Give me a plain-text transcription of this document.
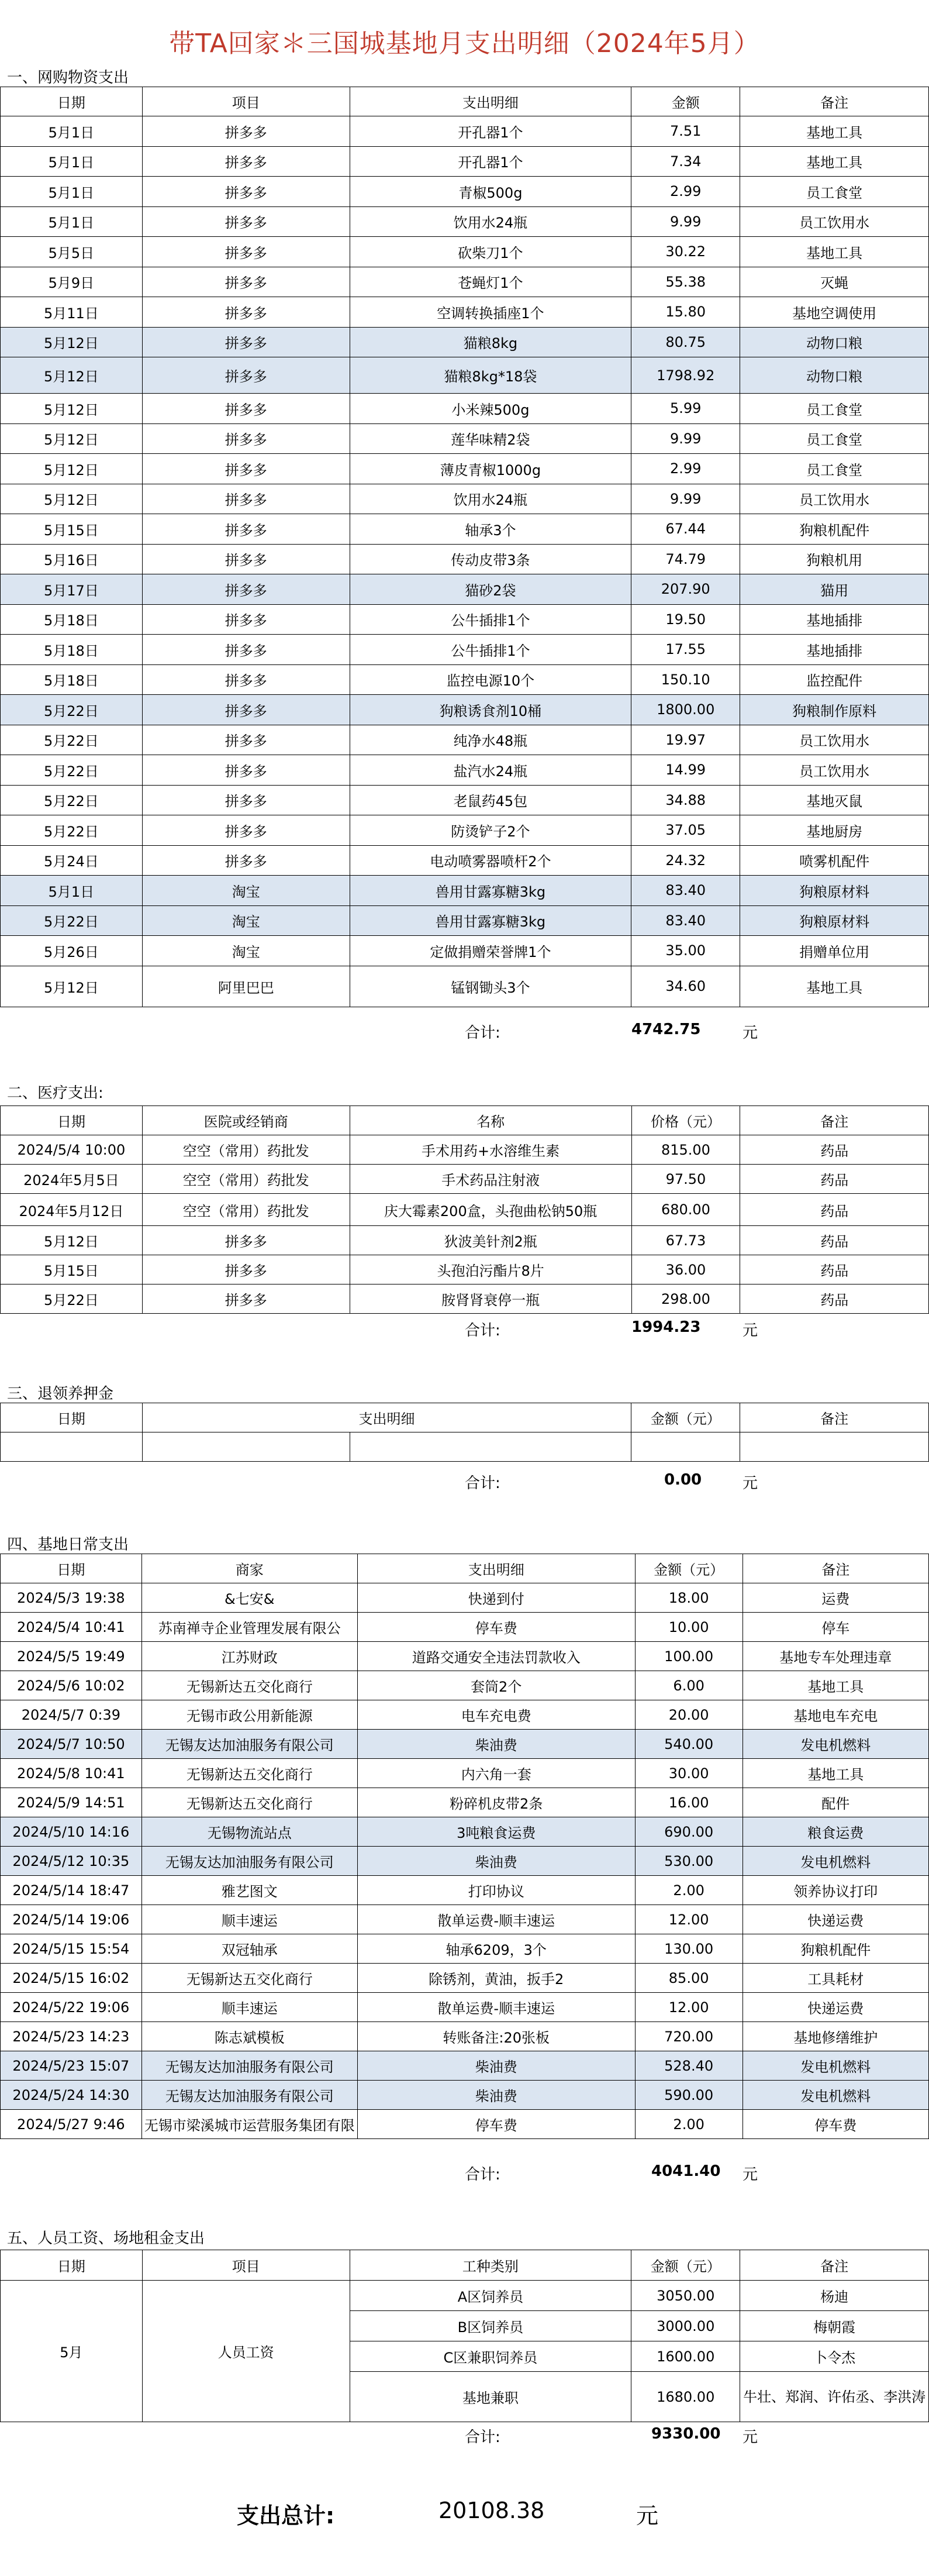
带TA回家＊三国城基地月支出明细（2024年5月）
一、网购物资支出
日期	项目	支出明细	金额	备注
5月1日	拼多多	开孔器1个	7.51	基地工具
5月1日	拼多多	开孔器1个	7.34	基地工具
5月1日	拼多多	青椒500g	2.99	员工食堂
5月1日	拼多多	饮用水24瓶	9.99	员工饮用水
5月5日	拼多多	砍柴刀1个	30.22	基地工具
5月9日	拼多多	苍蝇灯1个	55.38	灭蝇
5月11日	拼多多	空调转换插座1个	15.80	基地空调使用
5月12日	拼多多	猫粮8kg	80.75	动物口粮
5月12日	拼多多	猫粮8kg*18袋	1798.92	动物口粮
5月12日	拼多多	小米辣500g	5.99	员工食堂
5月12日	拼多多	莲华味精2袋	9.99	员工食堂
5月12日	拼多多	薄皮青椒1000g	2.99	员工食堂
5月12日	拼多多	饮用水24瓶	9.99	员工饮用水
5月15日	拼多多	轴承3个	67.44	狗粮机配件
5月16日	拼多多	传动皮带3条	74.79	狗粮机用
5月17日	拼多多	猫砂2袋	207.90	猫用
5月18日	拼多多	公牛插排1个	19.50	基地插排
5月18日	拼多多	公牛插排1个	17.55	基地插排
5月18日	拼多多	监控电源10个	150.10	监控配件
5月22日	拼多多	狗粮诱食剂10桶	1800.00	狗粮制作原料
5月22日	拼多多	纯净水48瓶	19.97	员工饮用水
5月22日	拼多多	盐汽水24瓶	14.99	员工饮用水
5月22日	拼多多	老鼠药45包	34.88	基地灭鼠
5月22日	拼多多	防烫铲子2个	37.05	基地厨房
5月24日	拼多多	电动喷雾器喷杆2个	24.32	喷雾机配件
5月1日	淘宝	兽用甘露寡糖3kg	83.40	狗粮原材料
5月22日	淘宝	兽用甘露寡糖3kg	83.40	狗粮原材料
5月26日	淘宝	定做捐赠荣誉牌1个	35.00	捐赠单位用
5月12日	阿里巴巴	锰钢锄头3个	34.60	基地工具
合计:	4742.75	元
二、医疗支出:
日期	医院或经销商	名称	价格（元）	备注
2024/5/4 10:00	空空（常用）药批发	手术用药+水溶维生素	815.00	药品
2024年5月5日	空空（常用）药批发	手术药品注射液	97.50	药品
2024年5月12日	空空（常用）药批发	庆大霉素200盒，头孢曲松钠50瓶	680.00	药品
5月12日	拼多多	狄波美针剂2瓶	67.73	药品
5月15日	拼多多	头孢泊污酯片8片	36.00	药品
5月22日	拼多多	胺肾肾衰停一瓶	298.00	药品
合计:	1994.23	元
三、退领养押金
日期	支出明细		金额（元）	备注

合计:	0.00	元
四、基地日常支出
日期	商家	支出明细	金额（元）	备注
2024/5/3 19:38	&七安&	快递到付	18.00	运费
2024/5/4 10:41	苏南禅寺企业管理发展有限公	停车费	10.00	停车
2024/5/5 19:49	江苏财政	道路交通安全违法罚款收入	100.00	基地专车处理违章
2024/5/6 10:02	无锡新达五交化商行	套筒2个	6.00	基地工具
2024/5/7 0:39	无锡市政公用新能源	电车充电费	20.00	基地电车充电
2024/5/7 10:50	无锡友达加油服务有限公司	柴油费	540.00	发电机燃料
2024/5/8 10:41	无锡新达五交化商行	内六角一套	30.00	基地工具
2024/5/9 14:51	无锡新达五交化商行	粉碎机皮带2条	16.00	配件
2024/5/10 14:16	无锡物流站点	3吨粮食运费	690.00	粮食运费
2024/5/12 10:35	无锡友达加油服务有限公司	柴油费	530.00	发电机燃料
2024/5/14 18:47	雅艺图文	打印协议	2.00	领养协议打印
2024/5/14 19:06	顺丰速运	散单运费-顺丰速运	12.00	快递运费
2024/5/15 15:54	双冠轴承	轴承6209，3个	130.00	狗粮机配件
2024/5/15 16:02	无锡新达五交化商行	除锈剂，黄油，扳手2	85.00	工具耗材
2024/5/22 19:06	顺丰速运	散单运费-顺丰速运	12.00	快递运费
2024/5/23 14:23	陈志斌模板	转账备注:20张板	720.00	基地修缮维护
2024/5/23 15:07	无锡友达加油服务有限公司	柴油费	528.40	发电机燃料
2024/5/24 14:30	无锡友达加油服务有限公司	柴油费	590.00	发电机燃料
2024/5/27 9:46	无锡市梁溪城市运营服务集团有限	停车费	2.00	停车费
合计:	4041.40 元
五、人员工资、场地租金支出
日期	项目	工种类别	金额（元）	备注
5月	人员工资	A区饲养员	3050.00	杨迪
		B区饲养员	3000.00	梅朝霞
		C区兼职饲养员	1600.00	卜令杰
		基地兼职	1680.00	牛壮、郑润、许佑丞、李洪涛
合计:	9330.00 元
支出总计:	20108.38	元
